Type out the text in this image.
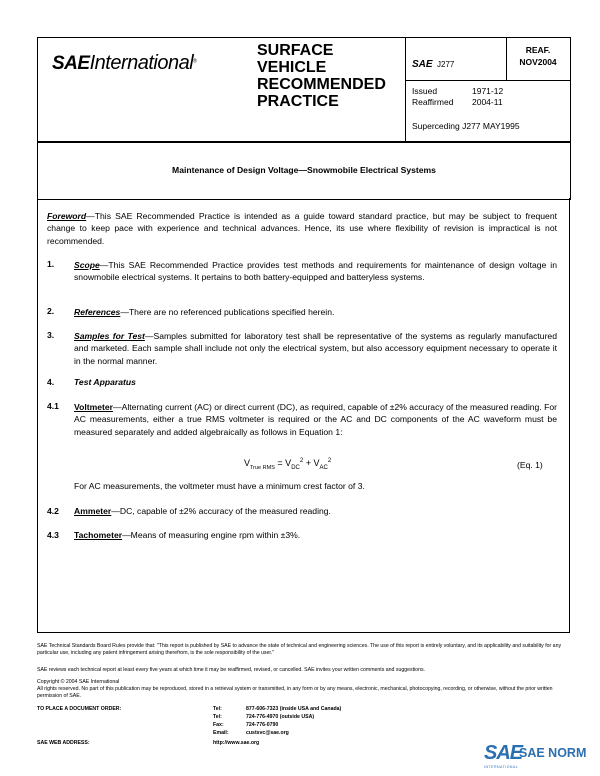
SAEInternational®
SURFACE
VEHICLE
RECOMMENDED
PRACTICE
SAE J277
REAF.
NOV2004
Issued	1971-12
Reaffirmed 2004-11
Superceding J277 MAY1995
Maintenance of Design Voltage—Snowmobile Electrical Systems
Foreword—This SAE Recommended Practice is intended as a guide toward standard practice, but may be subject to frequent change to keep pace with experience and technical advances. Hence, its use where flexibility of revision is impractical is not recommended.
1. Scope—This SAE Recommended Practice provides test methods and requirements for maintenance of design voltage in snowmobile electrical systems. It pertains to both battery-equipped and batteryless systems.
2. References—There are no referenced publications specified herein.
3. Samples for Test—Samples submitted for laboratory test shall be representative of the systems as regularly manufactured and marketed. Each sample shall include not only the electrical system, but also accessory equipment necessary to operate it in the normal manner.
4. Test Apparatus
4.1 Voltmeter—Alternating current (AC) or direct current (DC), as required, capable of ±2% accuracy of the measured reading. For AC measurements, either a true RMS voltmeter is required or the AC and DC components of the AC waveform must be measured separately and added algebraically as follows in Equation 1:
$V_{True RMS} = V_{DC}^2 + V_{AC}^2$	(Eq. 1)
For AC measurements, the voltmeter must have a minimum crest factor of 3.
4.2 Ammeter—DC, capable of ±2% accuracy of the measured reading.
4.3 Tachometer—Means of measuring engine rpm within ±3%.
SAE Technical Standards Board Rules provide that: "This report is published by SAE to advance the state of technical and engineering sciences. The use of this report is entirely voluntary, and its applicability and suitability for any particular use, including any patent infringement arising therefrom, is the sole responsibility of the user."
SAE reviews each technical report at least every five years at which time it may be reaffirmed, revised, or cancelled. SAE invites your written comments and suggestions.
Copyright © 2004 SAE International
All rights reserved. No part of this publication may be reproduced, stored in a retrieval system or transmitted, in any form or by any means, electronic, mechanical, photocopying, recording, or otherwise, without the prior written permission of SAE.
TO PLACE A DOCUMENT ORDER:	Tel:	877-606-7323 (inside USA and Canada)
Tel:	724-776-4970 (outside USA)
Fax:	724-776-0790
Email:	custsvc@sae.org
SAE WEB ADDRESS:	http://www.sae.org	SAE
SAE NORM
INTERNATIONAL
